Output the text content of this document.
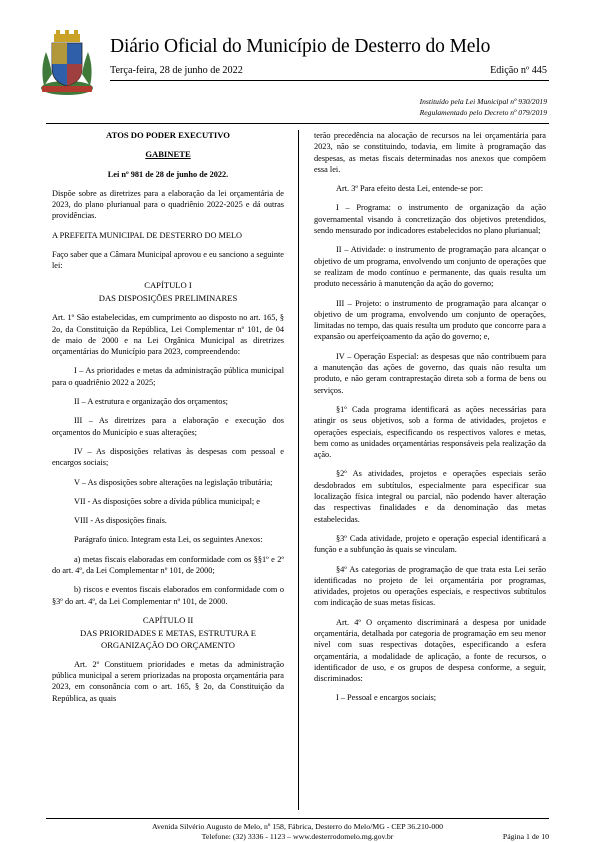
Diário Oficial do Município de Desterro do Melo
Terça-feira, 28 de junho de 2022	Edição nº 445
Instituído pela Lei Municipal nº 930/2019
Regulamentado pelo Decreto nº 079/2019
ATOS DO PODER EXECUTIVO
GABINETE

Lei nº 981 de 28 de junho de 2022.

Dispõe sobre as diretrizes para a elaboração da lei orçamentária de 2023, do plano plurianual para o quadriênio 2022-2025 e dá outras providências.

A PREFEITA MUNICIPAL DE DESTERRO DO MELO

Faço saber que a Câmara Municipal aprovou e eu sanciono a seguinte lei:

CAPÍTULO I
DAS DISPOSIÇÕES PRELIMINARES

Art. 1º São estabelecidas, em cumprimento ao disposto no art. 165, § 2o, da Constituição da República, Lei Complementar nº 101, de 04 de maio de 2000 e na Lei Orgânica Municipal as diretrizes orçamentárias do Município para 2023, compreendendo:

I – As prioridades e metas da administração pública municipal para o quadriênio 2022 a 2025;

II – A estrutura e organização dos orçamentos;

III – As diretrizes para a elaboração e execução dos orçamentos do Município e suas alterações;

IV – As disposições relativas às despesas com pessoal e encargos sociais;

V – As disposições sobre alterações na legislação tributária;

VII - As disposições sobre a dívida pública municipal; e

VIII - As disposições finais.

Parágrafo único. Integram esta Lei, os seguintes Anexos:

a) metas fiscais elaboradas em conformidade com os §§1º e 2º do art. 4º, da Lei Complementar nº 101, de 2000;

b) riscos e eventos fiscais elaborados em conformidade com o §3º do art. 4º, da Lei Complementar nº 101, de 2000.

CAPÍTULO II
DAS PRIORIDADES E METAS, ESTRUTURA E ORGANIZAÇÃO DO ORÇAMENTO

Art. 2º Constituem prioridades e metas da administração pública municipal a serem priorizadas na proposta orçamentária para 2023, em consonância com o art. 165, § 2o, da Constituição da República, as quais

terão precedência na alocação de recursos na lei orçamentária para 2023, não se constituindo, todavia, em limite à programação das despesas, as metas fiscais determinadas nos anexos que compõem essa lei.

Art. 3º Para efeito desta Lei, entende-se por:

I – Programa: o instrumento de organização da ação governamental visando à concretização dos objetivos pretendidos, sendo mensurado por indicadores estabelecidos no plano plurianual;

II – Atividade: o instrumento de programação para alcançar o objetivo de um programa, envolvendo um conjunto de operações que se realizam de modo contínuo e permanente, das quais resulta um produto necessário à manutenção da ação do governo;

III – Projeto: o instrumento de programação para alcançar o objetivo de um programa, envolvendo um conjunto de operações, limitadas no tempo, das quais resulta um produto que concorre para a expansão ou aperfeiçoamento da ação do governo; e,

IV – Operação Especial: as despesas que não contribuem para a manutenção das ações de governo, das quais não resulta um produto, e não geram contraprestação direta sob a forma de bens ou serviços.

§1º Cada programa identificará as ações necessárias para atingir os seus objetivos, sob a forma de atividades, projetos e operações especiais, especificando os respectivos valores e metas, bem como as unidades orçamentárias responsáveis pela realização da ação.

§2º As atividades, projetos e operações especiais serão desdobrados em subtítulos, especialmente para especificar sua localização física integral ou parcial, não podendo haver alteração das respectivas finalidades e da denominação das metas estabelecidas.

§3º Cada atividade, projeto e operação especial identificará a função e a subfunção às quais se vinculam.

§4º As categorias de programação de que trata esta Lei serão identificadas no projeto de lei orçamentária por programas, atividades, projetos ou operações especiais, e respectivos subtítulos com indicação de suas metas físicas.

Art. 4º O orçamento discriminará a despesa por unidade orçamentária, detalhada por categoria de programação em seu menor nível com suas respectivas dotações, especificando a esfera orçamentária, a modalidade de aplicação, a fonte de recursos, o identificador de uso, e os grupos de despesa conforme, a seguir, discriminados:

I – Pessoal e encargos sociais;

Avenida Silvério Augusto de Melo, nº 158, Fábrica, Desterro do Melo/MG - CEP 36.210-000
Telefone: (32) 3336 - 1123 – www.desterrodomelo.mg.gov.br	Página 1 de 10
